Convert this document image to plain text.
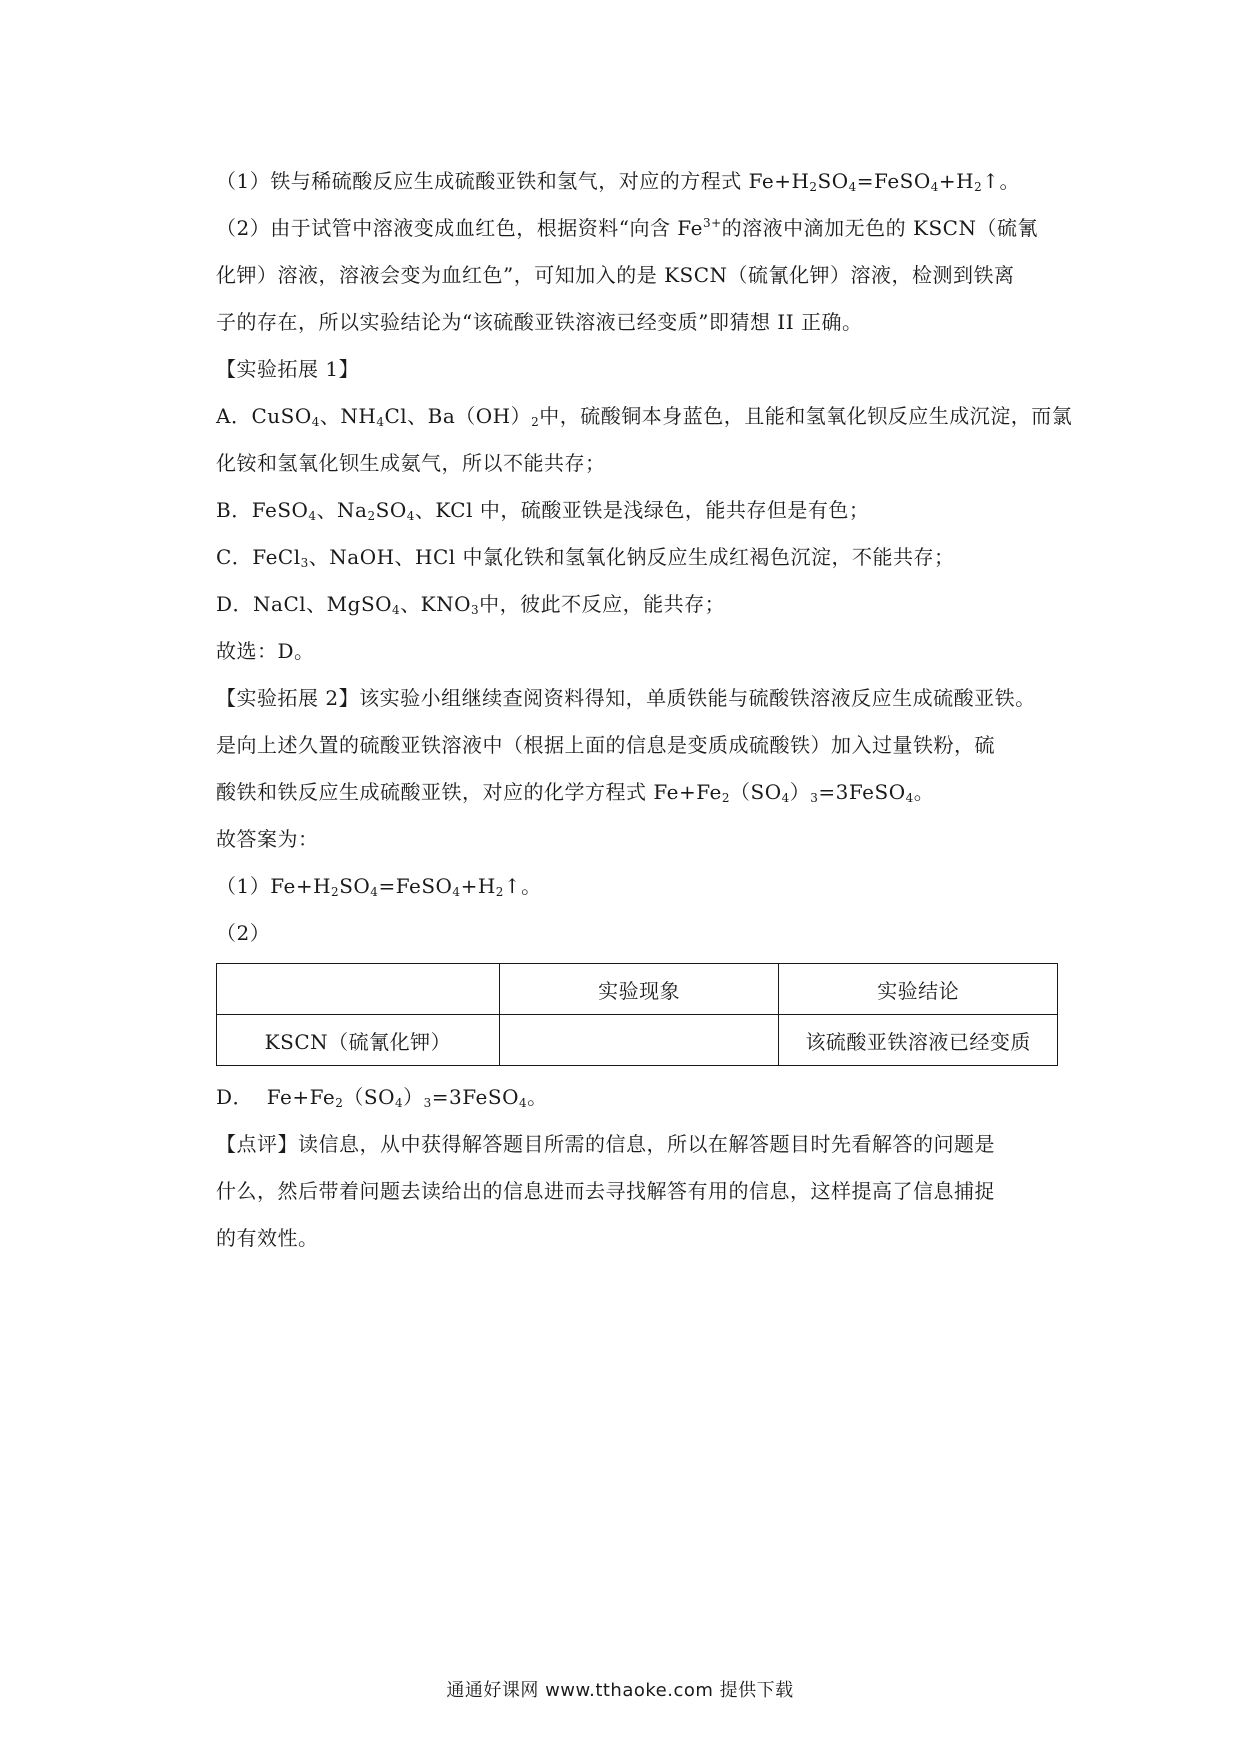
（1）铁与稀硫酸反应生成硫酸亚铁和氢气，对应的方程式 $Fe+H_2SO_4=FeSO_4+H_2↑$。
（2）由于试管中溶液变成血红色，根据资料“向含 $Fe^{3+}$的溶液中滴加无色的 KSCN（硫氰
化钾）溶液，溶液会变为血红色”，可知加入的是 KSCN（硫氰化钾）溶液，检测到铁离
子的存在，所以实验结论为“该硫酸亚铁溶液已经变质”即猜想 II 正确。
【实验拓展 1】
A．CuSO$_4$、$NH_4Cl$、$Ba(OH)_2$中，硫酸铜本身蓝色，且能和氢氧化钡反应生成沉淀，而氯
化铵和氢氧化钡生成氨气，所以不能共存；
B．FeSO$_4$、$Na_2SO_4$、KCl 中，硫酸亚铁是浅绿色，能共存但是有色；
C．FeCl$_3$、NaOH、HCl 中氯化铁和氢氧化钠反应生成红褐色沉淀，不能共存；
D．NaCl、MgSO$_4$、$KNO_3$中，彼此不反应，能共存；
故选：D。
【实验拓展 2】该实验小组继续查阅资料得知，单质铁能与硫酸铁溶液反应生成硫酸亚铁。
是向上述久置的硫酸亚铁溶液中（根据上面的信息是变质成硫酸铁）加入过量铁粉，硫
酸铁和铁反应生成硫酸亚铁，对应的化学方程式 $Fe+Fe_2(SO_4)_3=3FeSO_4$。
故答案为：
$(1)Fe+H_2SO_4=FeSO_4+H_2↑$。
（2）
	实验现象	实验结论
KSCN（硫氰化钾）		该硫酸亚铁溶液已经变质
D．  $Fe+Fe_2(SO_4)_3=3FeSO_4$。
【点评】读信息，从中获得解答题目所需的信息，所以在解答题目时先看解答的问题是
什么，然后带着问题去读给出的信息进而去寻找解答有用的信息，这样提高了信息捕捉
的有效性。
通通好课网 www.tthaoke.com 提供下载
